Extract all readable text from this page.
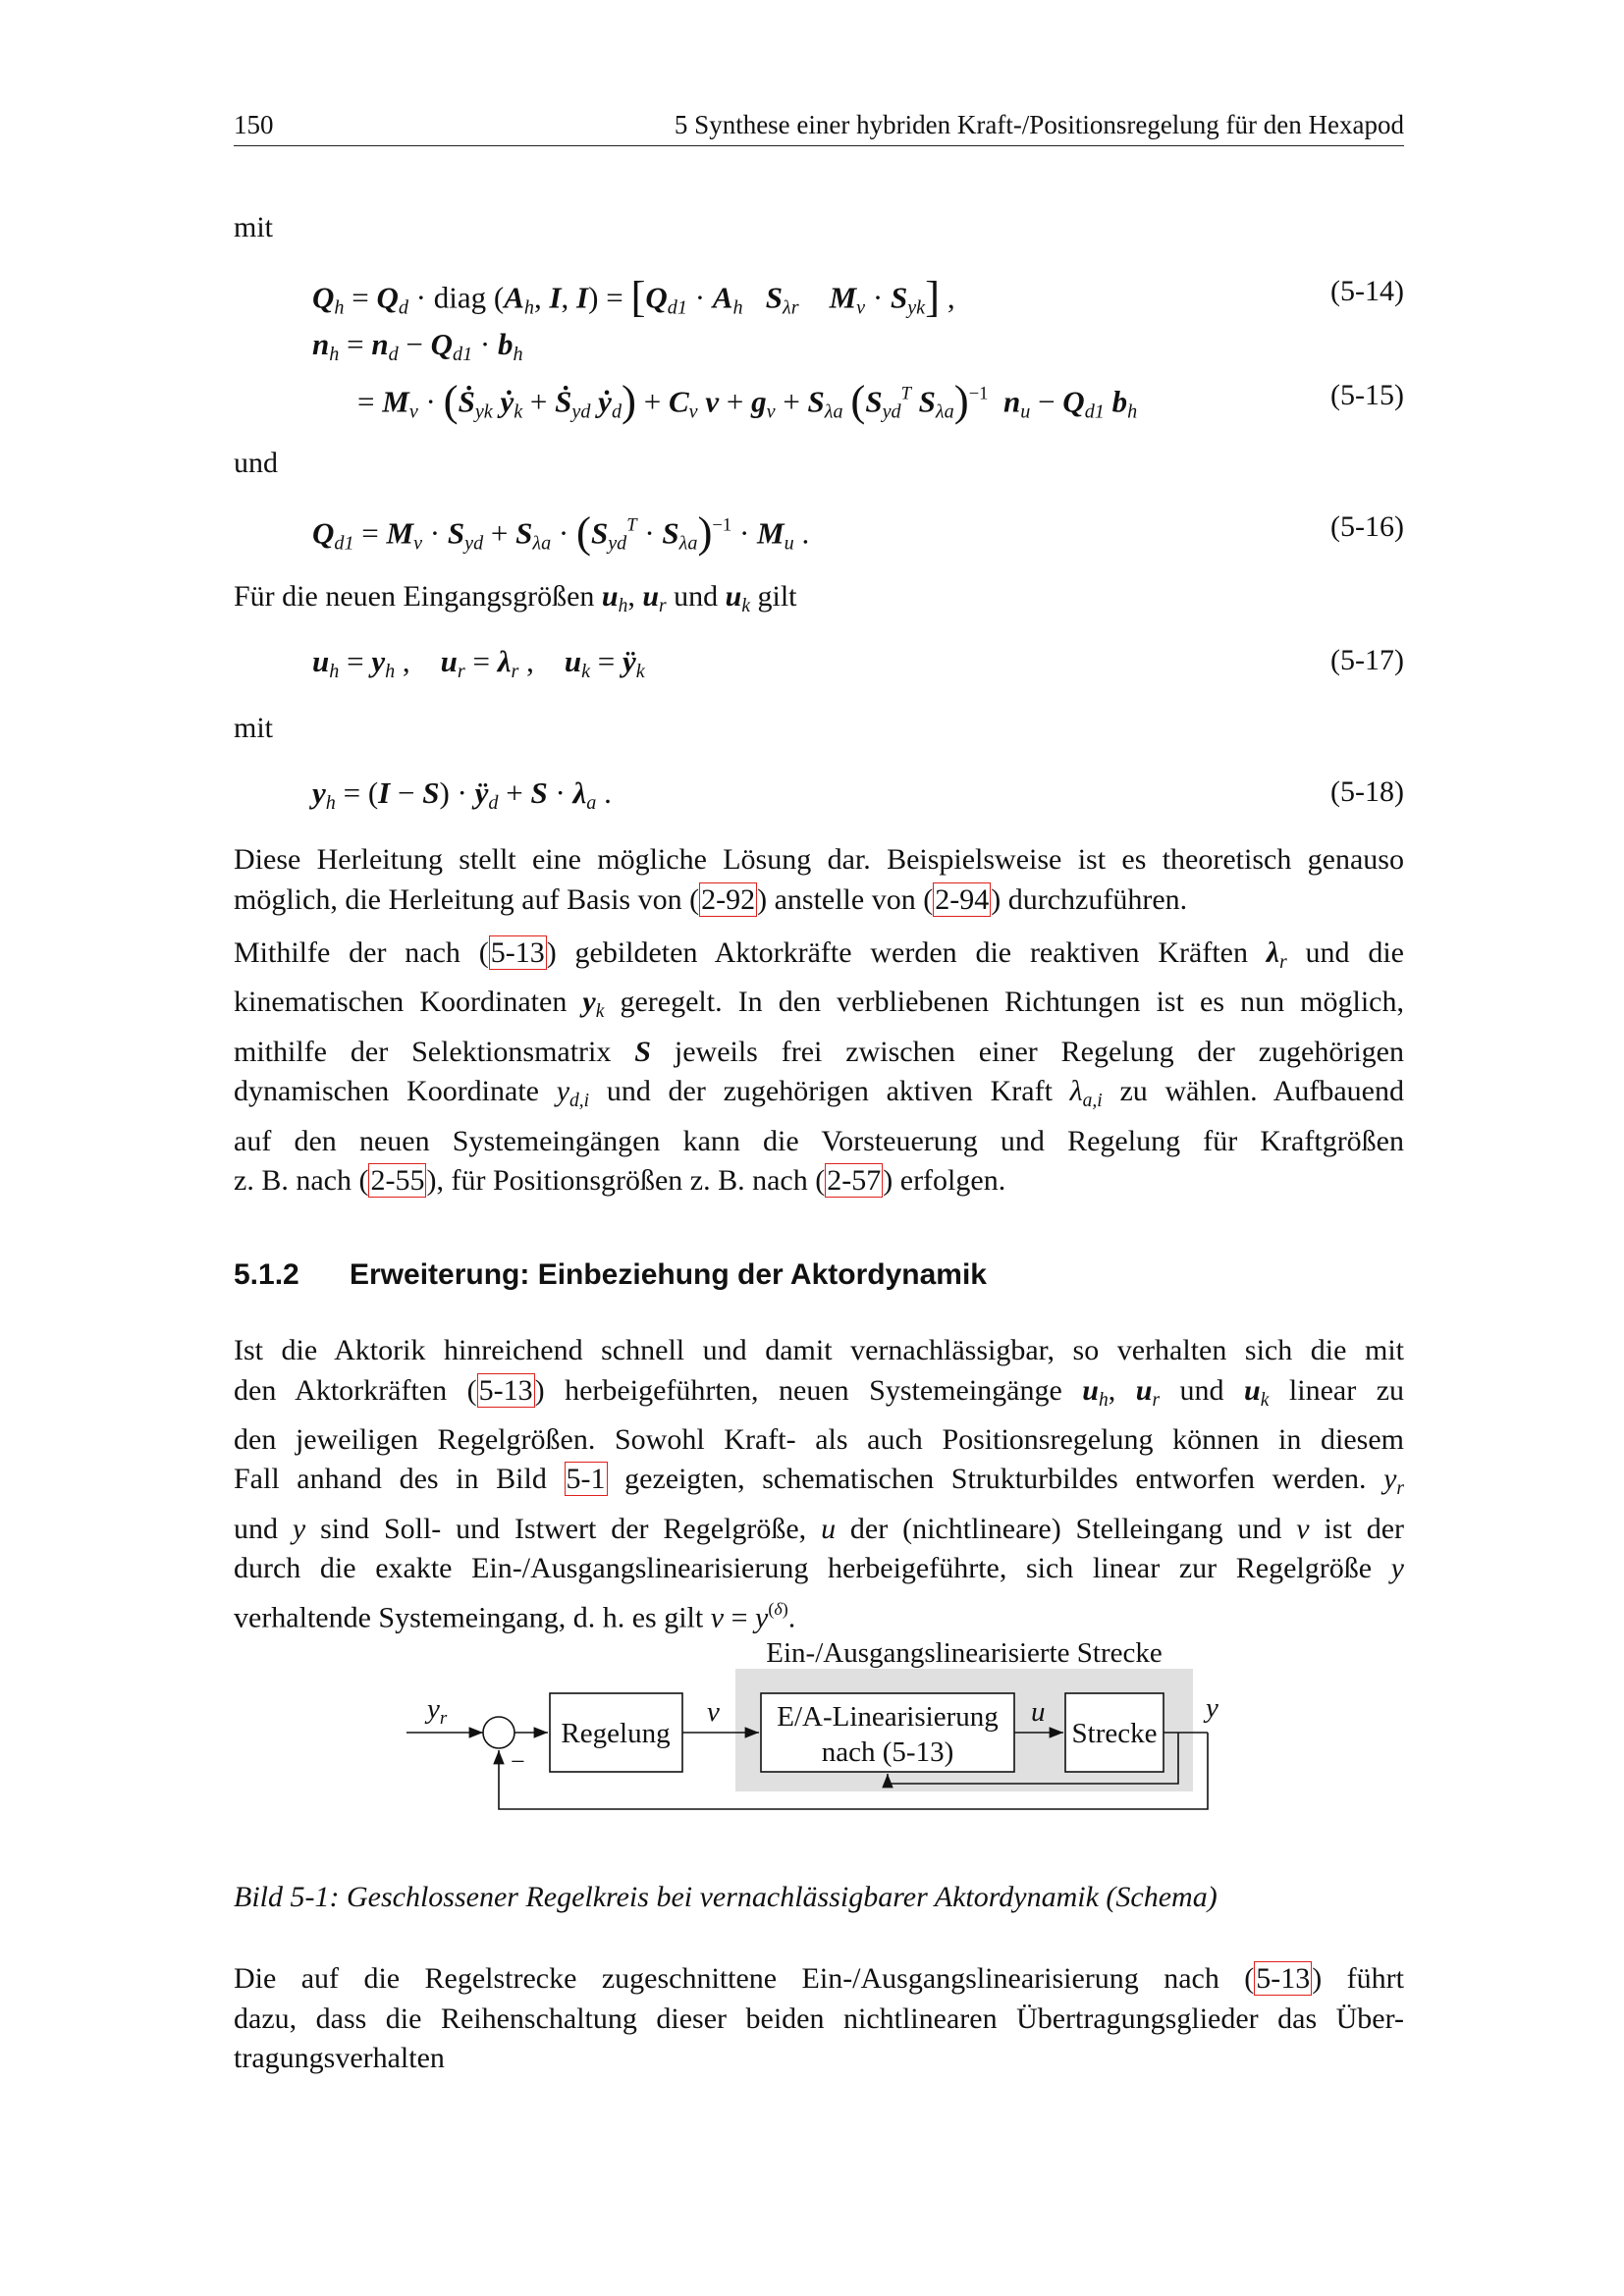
150	5 Synthese einer hybriden Kraft-/Positionsregelung für den Hexapod
mit
$Q_h = Q_d$ · diag ($A_h$, I, $I) = [Q_{d1} \cdot A_h$ $S_{\lambda r}$ $M_v \cdot S_{yk}$] ,	(5-14)
$n_h = n_d - Q_{d1} \cdot b_h$
= $M_v$ · (Ṡ$_{yk}$ ẏ$_k$ + Ṡ$_{yd}$ ẏ$_d$) + $C_v$ $v + g_v + S_{\lambda a}$ ($S_{yd}^T$ $S_{\lambda a})^{-1}$ $n_u - Q_{d1}$ $b_h$
(5-15)
und
$Q_{d1} = M_v \cdot S_{yd} + S_{\lambda a} \cdot (S_{yd}^T \cdot S_{\lambda a})^{-1} \cdot M_u$ .	(5-16)
Für die neuen Eingangsgrößen $u_h$, $u_r$ und $u_k$ gilt
$u_h = y_h$ ,    $u_r = \lambda_r$ ,    $u_k$ = $ÿ_k$	(5-17)
mit
$y_h = (I - S)$ · $ÿ_d + S \cdot \lambda_a$ .	(5-18)
Diese Herleitung stellt eine mögliche Lösung dar. Beispielsweise ist es theoretisch genauso
möglich, die Herleitung auf Basis von (2-92) anstelle von (2-94) durchzuführen.
Mithilfe der nach (5-13) gebildeten Aktorkräfte werden die reaktiven Kräften $\lambda_r$ und die
kinematischen Koordinaten $y_k$ geregelt. In den verbliebenen Richtungen ist es nun möglich,
mithilfe der Selektionsmatrix S jeweils frei zwischen einer Regelung der zugehörigen
dynamischen Koordinate $y_{d,i}$ und der zugehörigen aktiven Kraft $\lambda_{a,i}$ zu wählen. Aufbauend
auf den neuen Systemeingängen kann die Vorsteuerung und Regelung für Kraftgrößen
z. B. nach (2-55), für Positionsgrößen z. B. nach (2-57) erfolgen.
5.1.2 Erweiterung: Einbeziehung der Aktordynamik
Ist die Aktorik hinreichend schnell und damit vernachlässigbar, so verhalten sich die mit
den Aktorkräften (5-13) herbeigeführten, neuen Systemeingänge $u_h$, $u_r$ und $u_k$ linear zu
den jeweiligen Regelgrößen. Sowohl Kraft- als auch Positionsregelung können in diesem
Fall anhand des in Bild 5-1 gezeigten, schematischen Strukturbildes entworfen werden. $y_r$
und y sind Soll- und Istwert der Regelgröße, u der (nichtlineare) Stelleingang und v ist der
durch die exakte Ein-/Ausgangslinearisierung herbeigeführte, sich linear zur Regelgröße y
verhaltende Systemeingang, d. h. es gilt $v = y^{(\delta)}$.
Ein-/Ausgangslinearisierte Strecke
$y_r$
−
Regelung
v E/A-Linearisierung
nach (5-13)
u
Strecke
y
Bild 5-1: Geschlossener Regelkreis bei vernachlässigbarer Aktordynamik (Schema)
Die auf die Regelstrecke zugeschnittene Ein-/Ausgangslinearisierung nach (5-13) führt
dazu, dass die Reihenschaltung dieser beiden nichtlinearen Übertragungsglieder das Über-
tragungsverhalten
